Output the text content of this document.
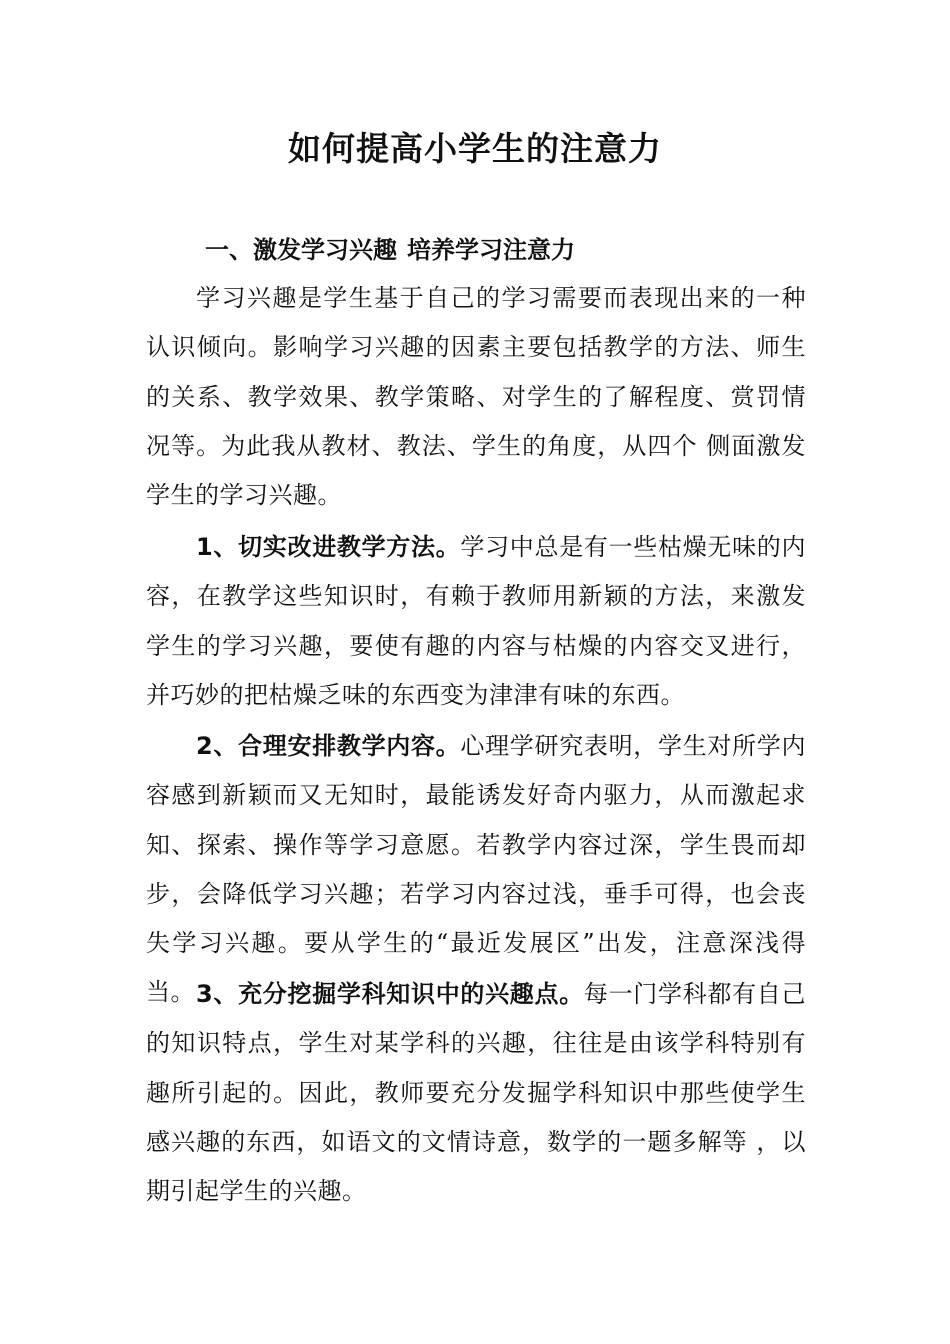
如何提高小学生的注意力
一、激发学习兴趣 培养学习注意力

学习兴趣是学生基于自己的学习需要而表现出来的一种认识倾向。影响学习兴趣的因素主要包括教学的方法、师生的关系、教学效果、教学策略、对学生的了解程度、赏罚情况等。为此我从教材、教法、学生的角度，从四个 侧面激发学生的学习兴趣。

1、切实改进教学方法。学习中总是有一些枯燥无味的内容，在教学这些知识时，有赖于教师用新颖的方法，来激发学生的学习兴趣，要使有趣的内容与枯燥的内容交叉进行，并巧妙的把枯燥乏味的东西变为津津有味的东西。

2、合理安排教学内容。心理学研究表明，学生对所学内容感到新颖而又无知时，最能诱发好奇内驱力，从而激起求知、探索、操作等学习意愿。若教学内容过深，学生畏而却步，会降低学习兴趣；若学习内容过浅，垂手可得，也会丧失学习兴趣。要从学生的“最近发展区”出发，注意深浅得当。 3、充分挖掘学科知识中的兴趣点。每一门学科都有自己的知识特点，学生对某学科的兴趣，往往是由该学科特别有趣所引起的。因此，教师要充分发掘学科知识中那些使学生感兴趣的东西，如语文的文情诗意，数学的一题多解等 ，以期引起学生的兴趣。
